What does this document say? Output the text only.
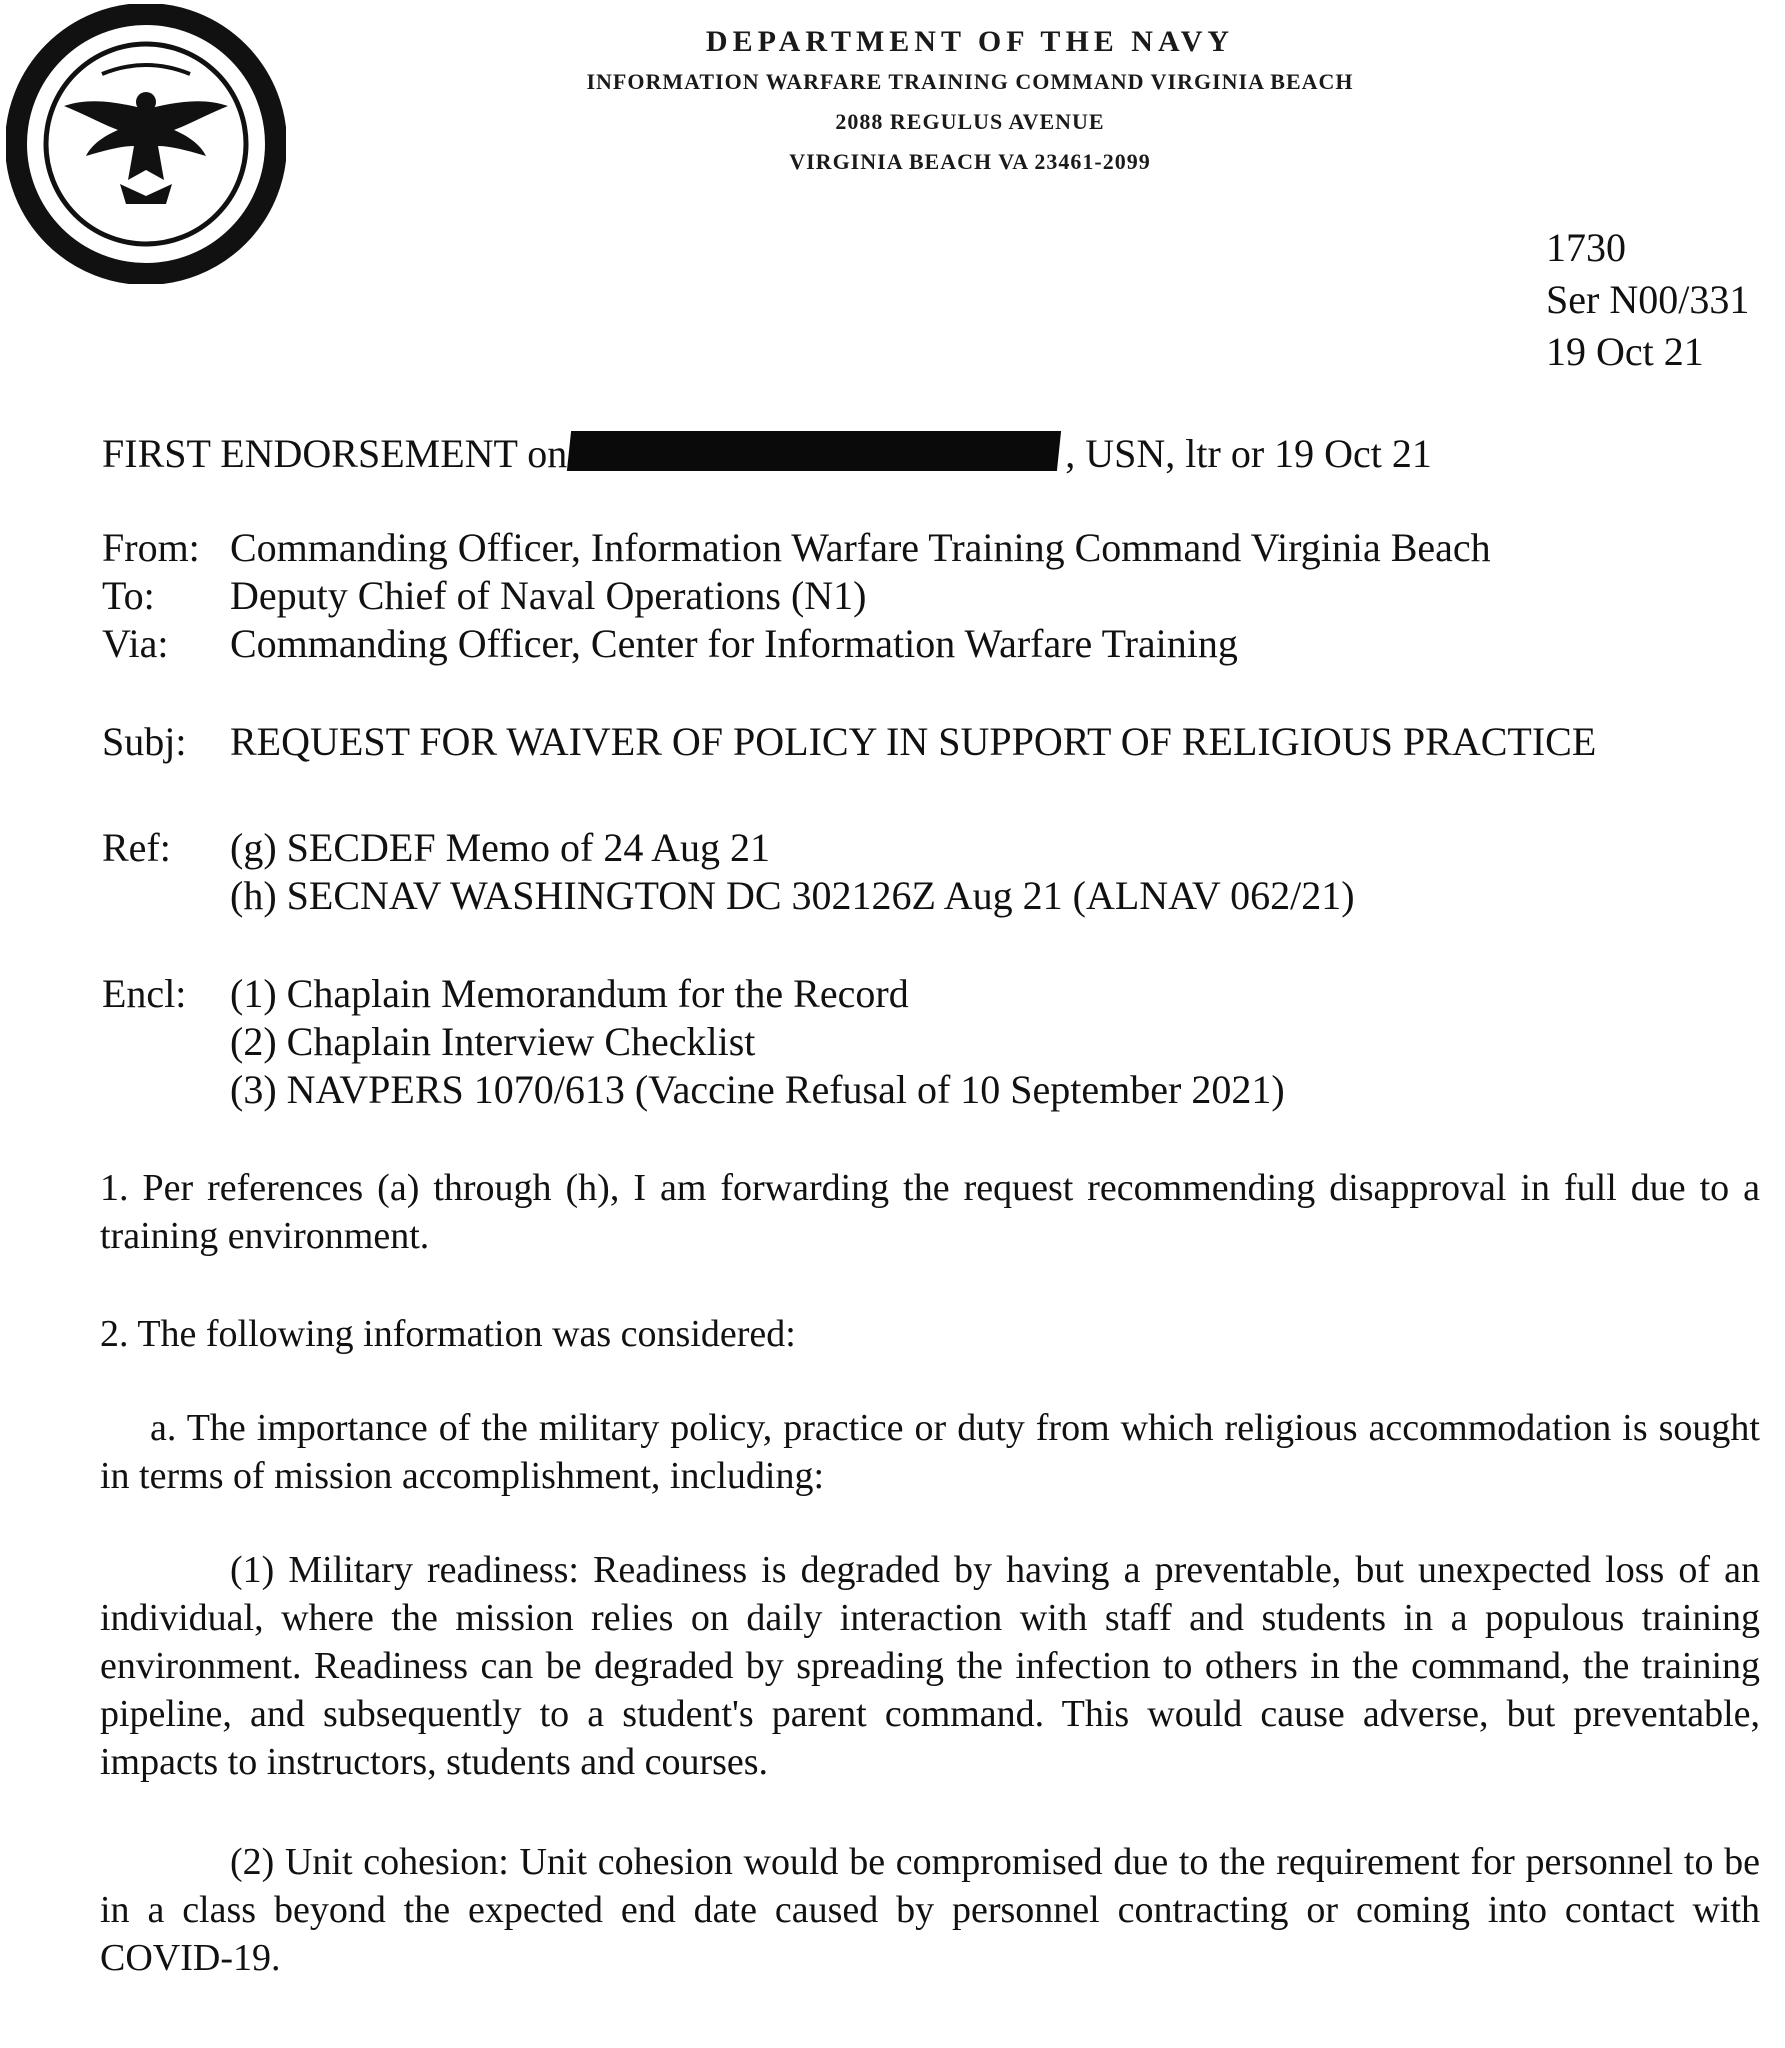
DEPARTMENT OF THE NAVY
INFORMATION WARFARE TRAINING COMMAND VIRGINIA BEACH
2088 REGULUS AVENUE
VIRGINIA BEACH VA 23461-2099
1730
Ser N00/331
19 Oct 21
FIRST ENDORSEMENT on	, USN, ltr or 19 Oct 21
From: Commanding Officer, Information Warfare Training Command Virginia Beach
To: Deputy Chief of Naval Operations (N1)
Via: Commanding Officer, Center for Information Warfare Training
Subj: REQUEST FOR WAIVER OF POLICY IN SUPPORT OF RELIGIOUS PRACTICE
Ref: (g) SECDEF Memo of 24 Aug 21
(h) SECNAV WASHINGTON DC 302126Z Aug 21 (ALNAV 062/21)
Encl: (1) Chaplain Memorandum for the Record
(2) Chaplain Interview Checklist
(3) NAVPERS 1070/613 (Vaccine Refusal of 10 September 2021)
1. Per references (a) through (h), I am forwarding the request recommending disapproval in full due to a training environment.
2. The following information was considered:
a. The importance of the military policy, practice or duty from which religious accommodation is sought in terms of mission accomplishment, including:
(1) Military readiness: Readiness is degraded by having a preventable, but unexpected loss of an individual, where the mission relies on daily interaction with staff and students in a populous training environment. Readiness can be degraded by spreading the infection to others in the command, the training pipeline, and subsequently to a student's parent command. This would cause adverse, but preventable, impacts to instructors, students and courses.
(2) Unit cohesion: Unit cohesion would be compromised due to the requirement for personnel to be in a class beyond the expected end date caused by personnel contracting or coming into contact with COVID-19.
